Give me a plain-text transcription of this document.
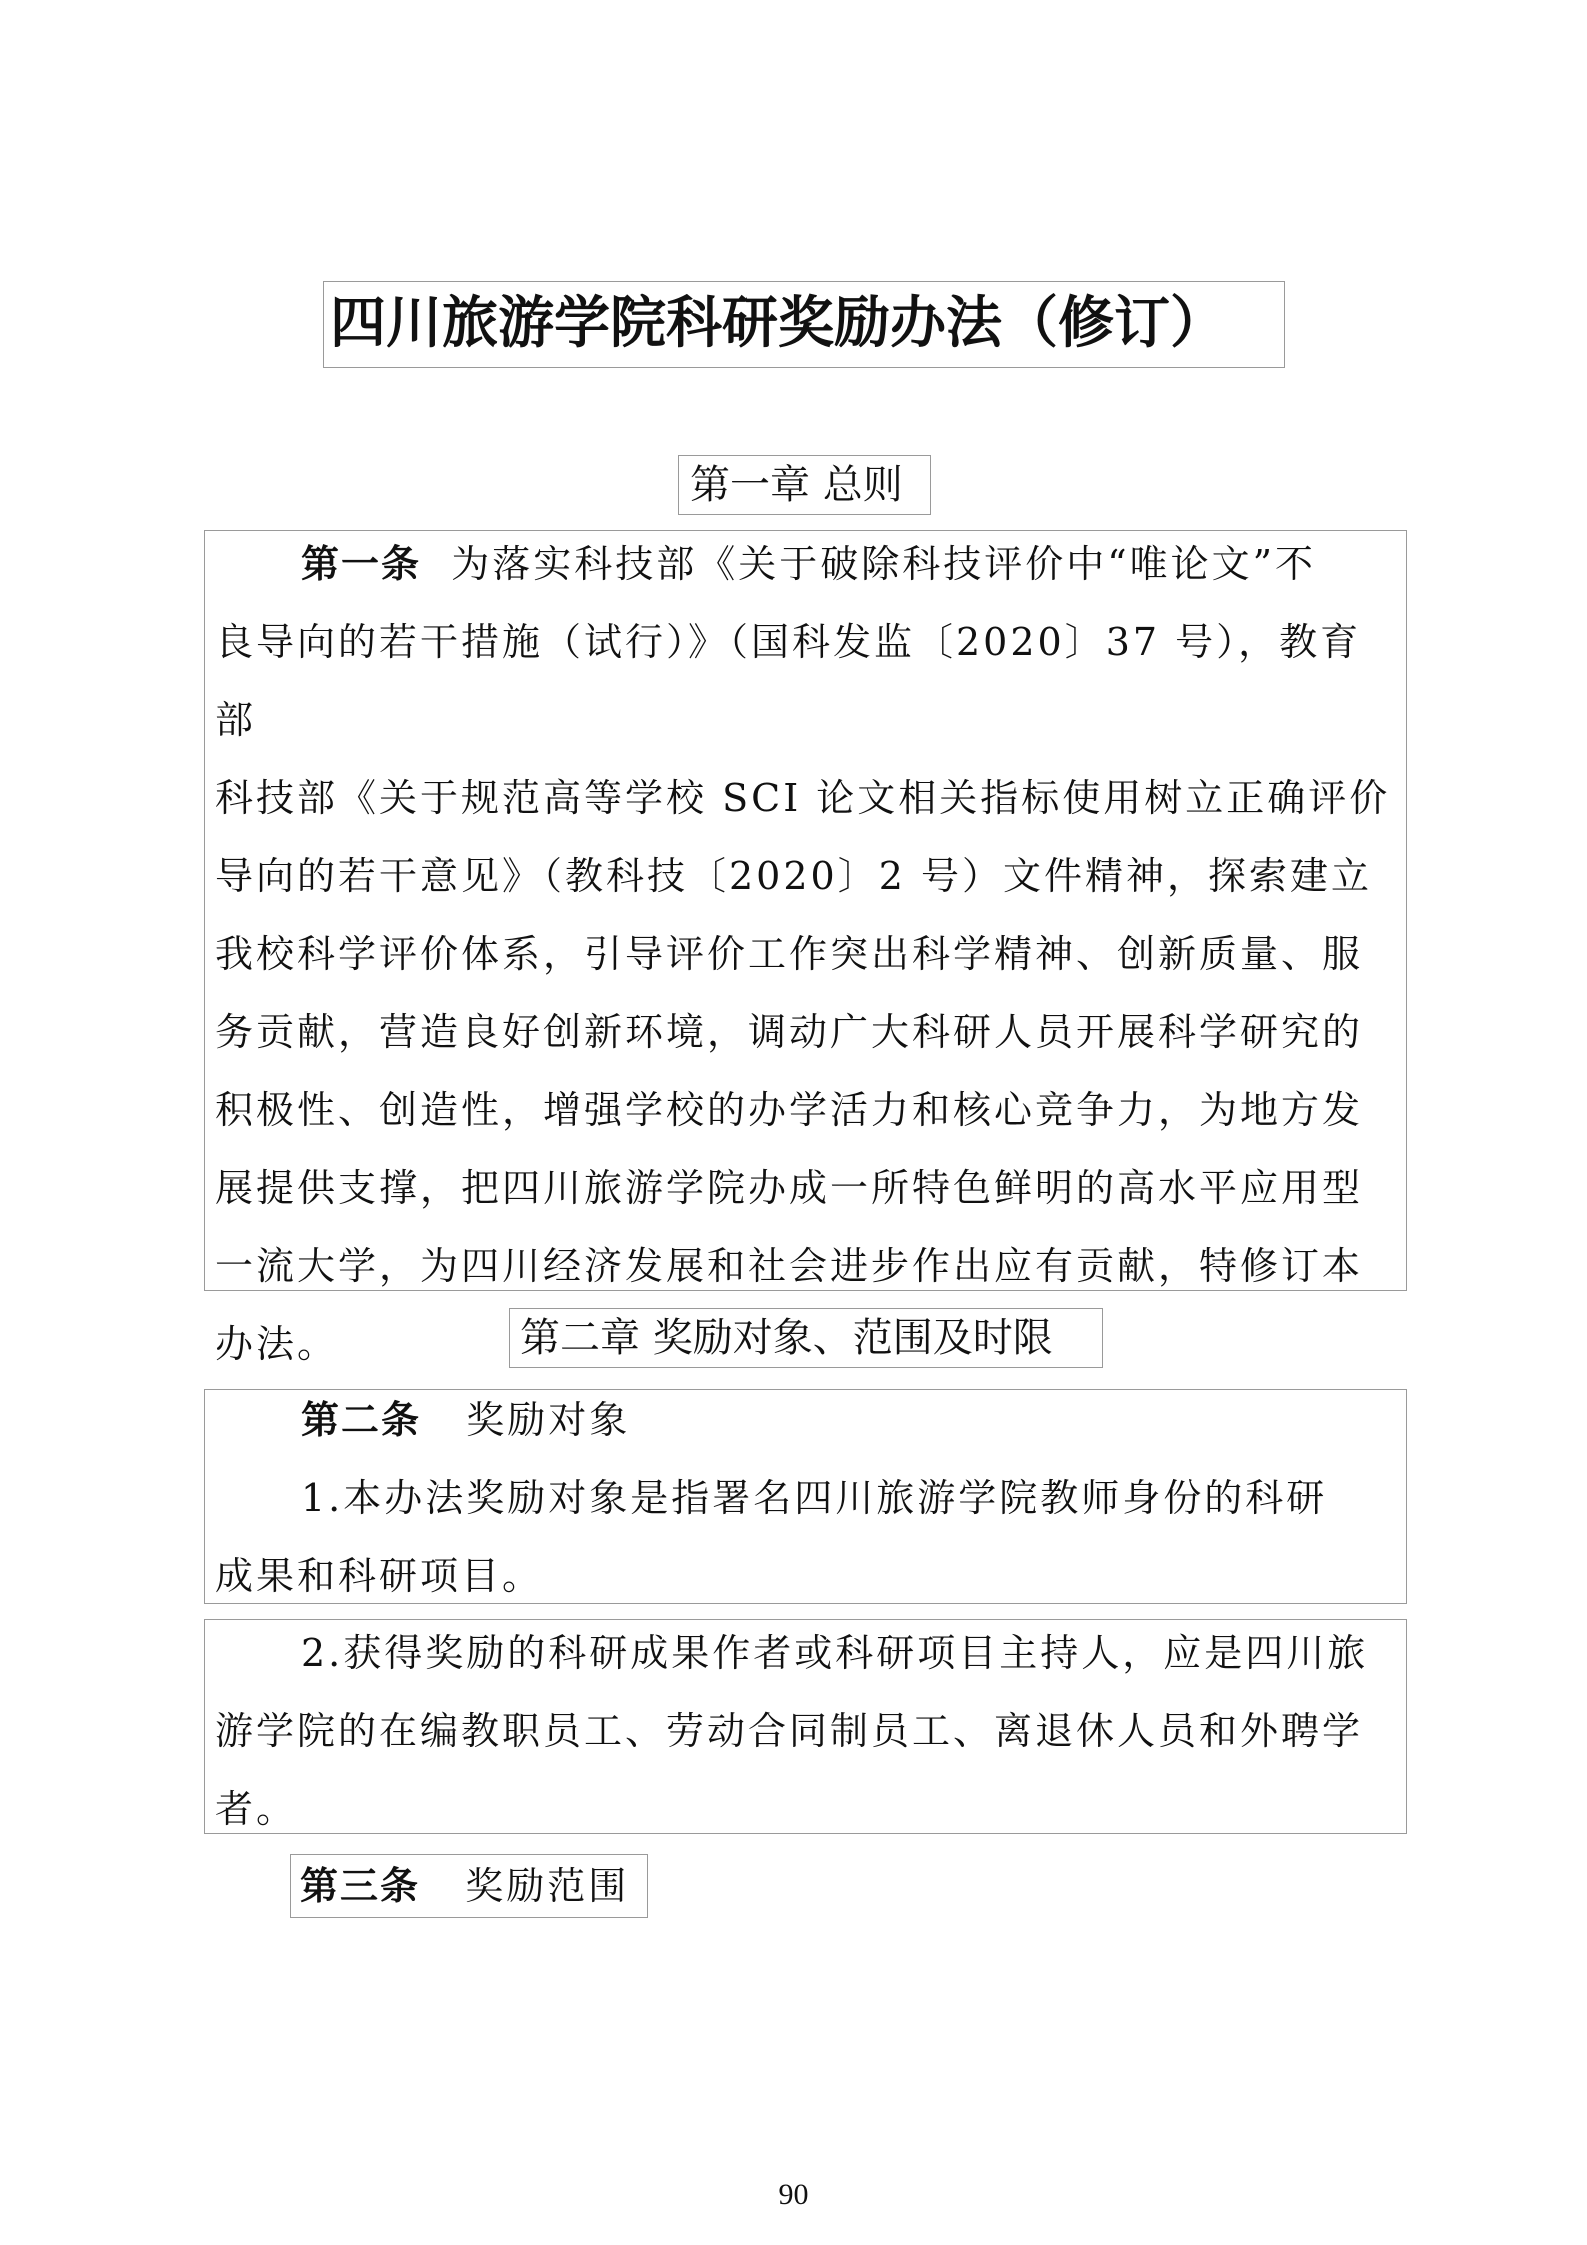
四川旅游学院科研奖励办法（修订）
第一章 总则
第一条 为落实科技部《关于破除科技评价中“唯论文”不
良导向的若干措施（试行）》（国科发监〔2020〕37 号），教育部
科技部《关于规范高等学校 SCI 论文相关指标使用树立正确评价
导向的若干意见》（教科技〔2020〕2 号）文件精神，探索建立
我校科学评价体系，引导评价工作突出科学精神、创新质量、服
务贡献，营造良好创新环境，调动广大科研人员开展科学研究的
积极性、创造性，增强学校的办学活力和核心竞争力，为地方发
展提供支撑，把四川旅游学院办成一所特色鲜明的高水平应用型
一流大学，为四川经济发展和社会进步作出应有贡献，特修订本
办法。	第二章 奖励对象、范围及时限
第二条 奖励对象
1.本办法奖励对象是指署名四川旅游学院教师身份的科研
成果和科研项目。
2.获得奖励的科研成果作者或科研项目主持人，应是四川旅
游学院的在编教职员工、劳动合同制员工、离退休人员和外聘学
者。
第三条 奖励范围
90
